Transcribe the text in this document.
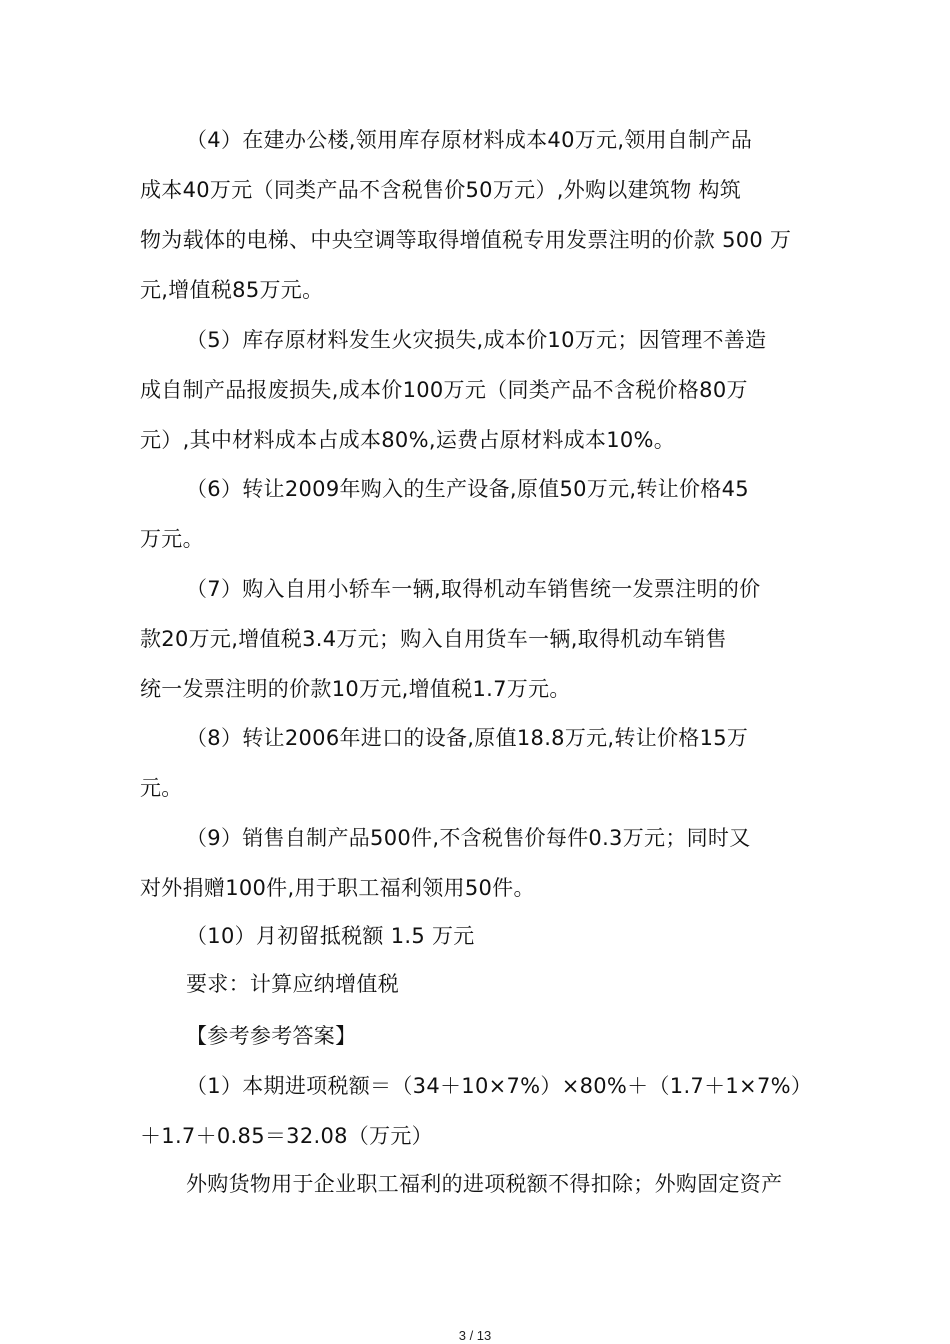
（4）在建办公楼,领用库存原材料成本40万元,领用自制产品
成本40万元（同类产品不含税售价50万元）,外购以建筑物 构筑
物为载体的电梯、中央空调等取得增值税专用发票注明的价款 500 万
元,增值税85万元。
（5）库存原材料发生火灾损失,成本价10万元；因管理不善造
成自制产品报废损失,成本价100万元（同类产品不含税价格80万
元）,其中材料成本占成本80%,运费占原材料成本10%。
（6）转让2009年购入的生产设备,原值50万元,转让价格45
万元。
（7）购入自用小轿车一辆,取得机动车销售统一发票注明的价
款20万元,增值税3.4万元；购入自用货车一辆,取得机动车销售
统一发票注明的价款10万元,增值税1.7万元。
（8）转让2006年进口的设备,原值18.8万元,转让价格15万
元。
（9）销售自制产品500件,不含税售价每件0.3万元；同时又
对外捐赠100件,用于职工福利领用50件。
（10）月初留抵税额 1.5 万元
要求：计算应纳增值税
【参考参考答案】
（1）本期进项税额＝（34＋10×7%）×80%＋（1.7＋1×7%）
＋1.7＋0.85＝32.08（万元）
外购货物用于企业职工福利的进项税额不得扣除；外购固定资产
3 / 13
